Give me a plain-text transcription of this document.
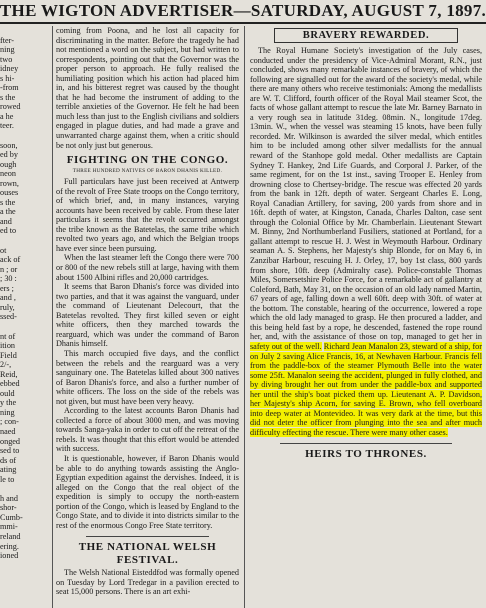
THE WIGTON ADVERTISER—SATURDAY, AUGUST 7, 1897.

fter-
ning
two
idney
s hi-
-from
s the
rowed
a he
teer.

soon,
ed by
ough
neon
rown,
ouses
s the
a the
and
ed to

ot
ack of
n ; or
; 30 :
ers ;
and ,
ruly,
ssed-

nt of
ition
Field
2/-,
Reid,
ebbed
ould
y the
ning
; con-
naed
onged
sed to
ds of
ating
le to

h and
shor-
Cumb-
mmi-
reland
ering.
ioned

coming from Poona, and he lost all capacity for discriminating in the matter. Before the tragedy he had not mentioned a word on the subject, but had written to correspondents, pointing out that the Governor was the proper person to approach. He fully realised the humiliating position which his action had placed him in, and his bitterest regret was caused by the thought that he had become the instrument of adding to the terrible anxieties of the Governor. He felt he had been much less than just to the English civilians and soldiers engaged in plague duties, and had made a grave and unwarranted charge against them, when a critic should be not only just but generous.

FIGHTING ON THE CONGO.

THREE HUNDRED NATIVES OF BARON DHANIS KILLED.

Full particulars have just been received at Antwerp of the revolt of Free State troops on the Congo territory, of which brief, and, in many instances, varying accounts have been received by cable. From these later particulars it seems that the revolt occurred amongst the tribe known as the Batetelas, the same tribe which revolted two years ago, and which the Belgian troops have ever since been pursuing.

When the last steamer left the Congo there were 700 or 800 of the new rebels still at large, having with them about 1500 Albini rifles and 20,000 cartridges.

It seems that Baron Dhanis's force was divided into two parties, and that it was against the vanguard, under the command of Lieutenant Delecourt, that the Batetelas revolted. They first killed seven or eight white officers, then they marched towards the rearguard, which was under the command of Baron Dhanis himself.

This march occupied five days, and the conflict between the rebels and the rearguard was a very sanguinary one. The Batetelas killed about 300 natives of Baron Dhanis's force, and also a further number of white officers. The loss on the side of the rebels was not given, but must have been very heavy.

According to the latest accounts Baron Dhanis had collected a force of about 3000 men, and was moving towards Sanga-yaka in order to cut off the retreat of the rebels. It was thought that this effort would be attended with success.

It is questionable, however, if Baron Dhanis would be able to do anything towards assisting the Anglo-Egyptian expedition against the dervishes. Indeed, it is alleged on the Congo that the real object of the expedition is simply to occupy the north-eastern portion of the Congo, which is leased by England to the Congo State, and to divide it into districts similar to the rest of the enormous Congo Free State territory.

THE NATIONAL WELSH FESTIVAL.

The Welsh National Eisteddfod was formally opened on Tuesday by Lord Tredegar in a pavilion erected to seat 15,000 persons. There is an art exhi-

BRAVERY REWARDED.

The Royal Humane Society's investigation of the July cases, conducted under the presidency of Vice-Admiral Morant, R.N., just concluded, shows many remarkable instances of bravery, of which the following are signalled out for the award of the society's medal, while there are many others who receive testimonials: Among the medallists are W. T. Clifford, fourth officer of the Royal Mail steamer Scot, the facts of whose gallant attempt to rescue the late Mr. Barney Barnato in a very rough sea in latitude 31deg. 08min. N., longitude 17deg. 13min. W., when the vessel was steaming 15 knots, have been fully recorded. Mr. Wilkinson is awarded the silver medal, which entitles him to be included among other silver medallists for the annual reward of the Stanhope gold medal. Other medallists are Captain Sydney T. Hankey, 2nd Life Guards, and Corporal J. Parker, of the same regiment, for on the 1st inst., saving Trooper E. Henley from drowning close to Chertsey-bridge. The rescue was effected 20 yards from the bank in 12ft. depth of water. Sergeant Charles E. Long, Royal Canadian Artillery, for saving, 200 yards from shore and in 16ft. depth of water, at Kingston, Canada, Charles Dalton, case sent through the Colonial Office by Mr. Chamberlain. Lieutenant Stewart M. Binny, 2nd Northumberland Fusiliers, stationed at Portland, for a gallant attempt to rescue H. J. West in Weymouth Harbour. Ordinary seaman A. S. Stephens, her Majesty's ship Blonde, for on May 6, in Zanzibar Harbour, rescuing H. J. Orley, 17, boy 1st class, 800 yards from shore, 10ft. deep (Admiralty case). Police-constable Thomas Miles, Somersetshire Police Force, for a remarkable act of gallantry at Coleford, Bath, May 31, on the occasion of an old lady named Martin, 67 years of age, falling down a well 60ft. deep with 30ft. of water at the bottom. The constable, hearing of the occurrence, lowered a rope which the old lady managed to grasp. He then procured a ladder, and this being held fast by a rope, he descended, fastened the rope round her, and, with the assistance of those on top, managed to get her in safety out of the well. Richard Jean Manalon 23, steward of a ship, for on July 2 saving Alice Francis, 16, at Newhaven Harbour. Francis fell from the paddle-box of the steamer Plymouth Belle into the water some 25ft. Manalon seeing the accident, plunged in fully clothed, and by diving brought her out from under the paddle-box and supported her until the ship's boat picked them up. Lieutenant A. P. Davidson, her Majesty's ship Acorn, for saving E. Brown, who fell overboard into deep water at Montevideo. It was very dark at the time, but this did not deter the officer from plunging into the sea and after much difficulty effecting the rescue. There were many other cases.

HEIRS TO THRONES.
